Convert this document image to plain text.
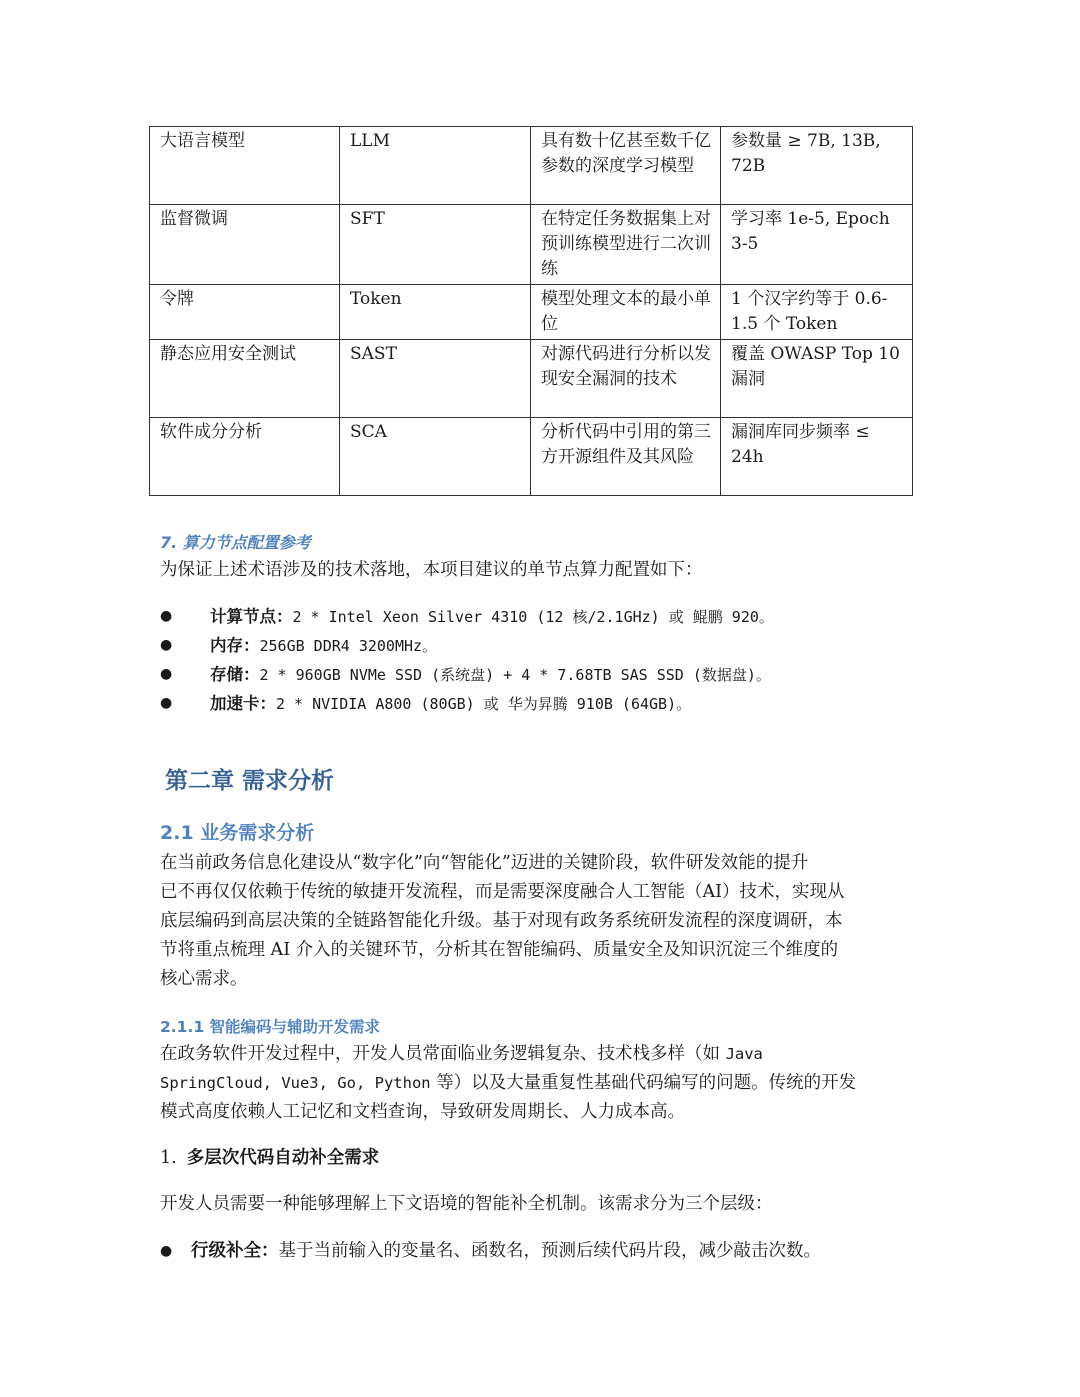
大语言模型	LLM	具有数十亿甚至数千亿参数的深度学习模型	参数量 ≥ 7B, 13B, 72B
监督微调	SFT	在特定任务数据集上对预训练模型进行二次训练	学习率 1e-5, Epoch 3-5
令牌	Token	模型处理文本的最小单位	1 个汉字约等于 0.6-1.5 个 Token
静态应用安全测试	SAST	对源代码进行分析以发现安全漏洞的技术	覆盖 OWASP Top 10 漏洞
软件成分分析	SCA	分析代码中引用的第三方开源组件及其风险	漏洞库同步频率 ≤ 24h
7. 算力节点配置参考
为保证上述术语涉及的技术落地，本项目建议的单节点算力配置如下：
● 计算节点：2 * Intel Xeon Silver 4310 (12 核/2.1GHz) 或 鲲鹏 920。
● 内存：256GB DDR4 3200MHz。
● 存储：2 * 960GB NVMe SSD (系统盘) + 4 * 7.68TB SAS SSD (数据盘)。
● 加速卡：2 * NVIDIA A800 (80GB) 或 华为昇腾 910B (64GB)。
第二章 需求分析
2.1 业务需求分析
在当前政务信息化建设从“数字化”向“智能化”迈进的关键阶段，软件研发效能的提升
已不再仅仅依赖于传统的敏捷开发流程，而是需要深度融合人工智能（AI）技术，实现从
底层编码到高层决策的全链路智能化升级。基于对现有政务系统研发流程的深度调研，本
节将重点梳理 AI 介入的关键环节，分析其在智能编码、质量安全及知识沉淀三个维度的
核心需求。
2.1.1 智能编码与辅助开发需求
在政务软件开发过程中，开发人员常面临业务逻辑复杂、技术栈多样（如 Java
SpringCloud, Vue3, Go, Python 等）以及大量重复性基础代码编写的问题。传统的开发
模式高度依赖人工记忆和文档查询，导致研发周期长、人力成本高。
1. 多层次代码自动补全需求
开发人员需要一种能够理解上下文语境的智能补全机制。该需求分为三个层级：
● 行级补全：基于当前输入的变量名、函数名，预测后续代码片段，减少敲击次数。
